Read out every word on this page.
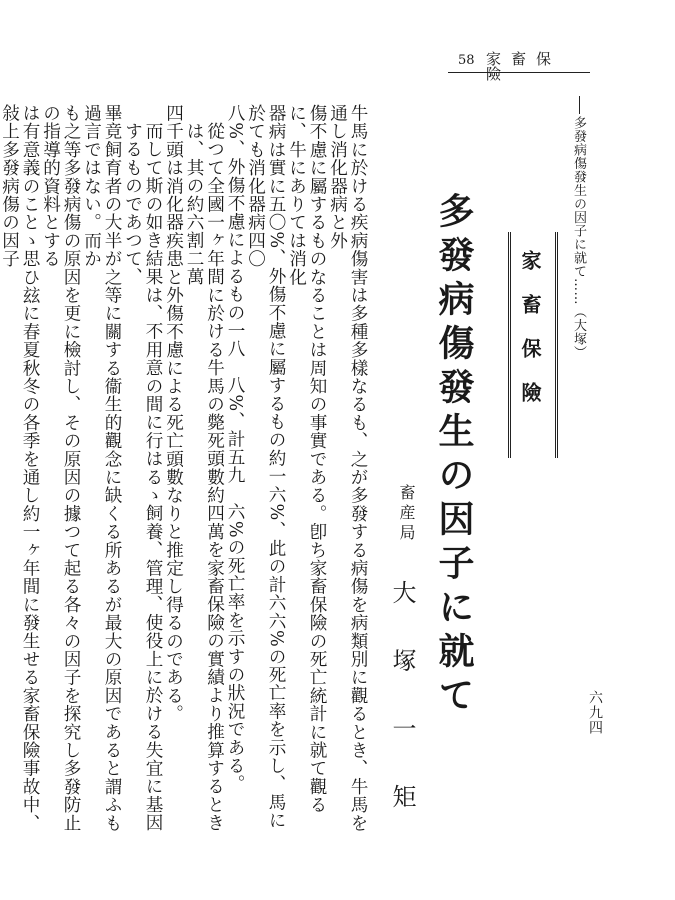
58 家畜保險
多發病傷發生の因子に就て……（大塚）
家畜保險
多發病傷發生の因子に就て
畜産局
大塚一矩

牛馬に於ける疾病傷害は多種多樣なるも、之が多發する病傷を病類別に觀るとき、牛馬を通し消化器病と外

傷不慮に屬するものなることは周知の事實である。卽ち家畜保險の死亡統計に就て觀るに、牛にありては消化

器病は實に五〇%、外傷不慮に屬するもの約一六%、此の計六六%の死亡率を示し、馬に於ても消化器病四〇

八%、外傷不慮によるもの一八　八%、計五九　六%の死亡率を示すの狀況である。

從つて全國一ヶ年間に於ける牛馬の斃死頭數約四萬を家畜保險の實績より推算するときは、其の約六割二萬

四千頭は消化器疾患と外傷不慮による死亡頭數なりと推定し得るのである。

而して斯の如き結果は、不用意の間に行はるゝ飼養、管理、使役上に於ける失宜に基因するものであつて、

畢竟飼育者の大半が之等に關する衞生的觀念に缺くる所あるが最大の原因であると謂ふも過言ではない。而か

も之等多發病傷の原因を更に檢討し、その原因の據つて起る各々の因子を探究し多發防止の指導的資料とする

は有意義のことゝ思ひ玆に春夏秋冬の各季を通し約一ヶ年間に發生せる家畜保險事故中、敍上多發病傷の因子

六九四
